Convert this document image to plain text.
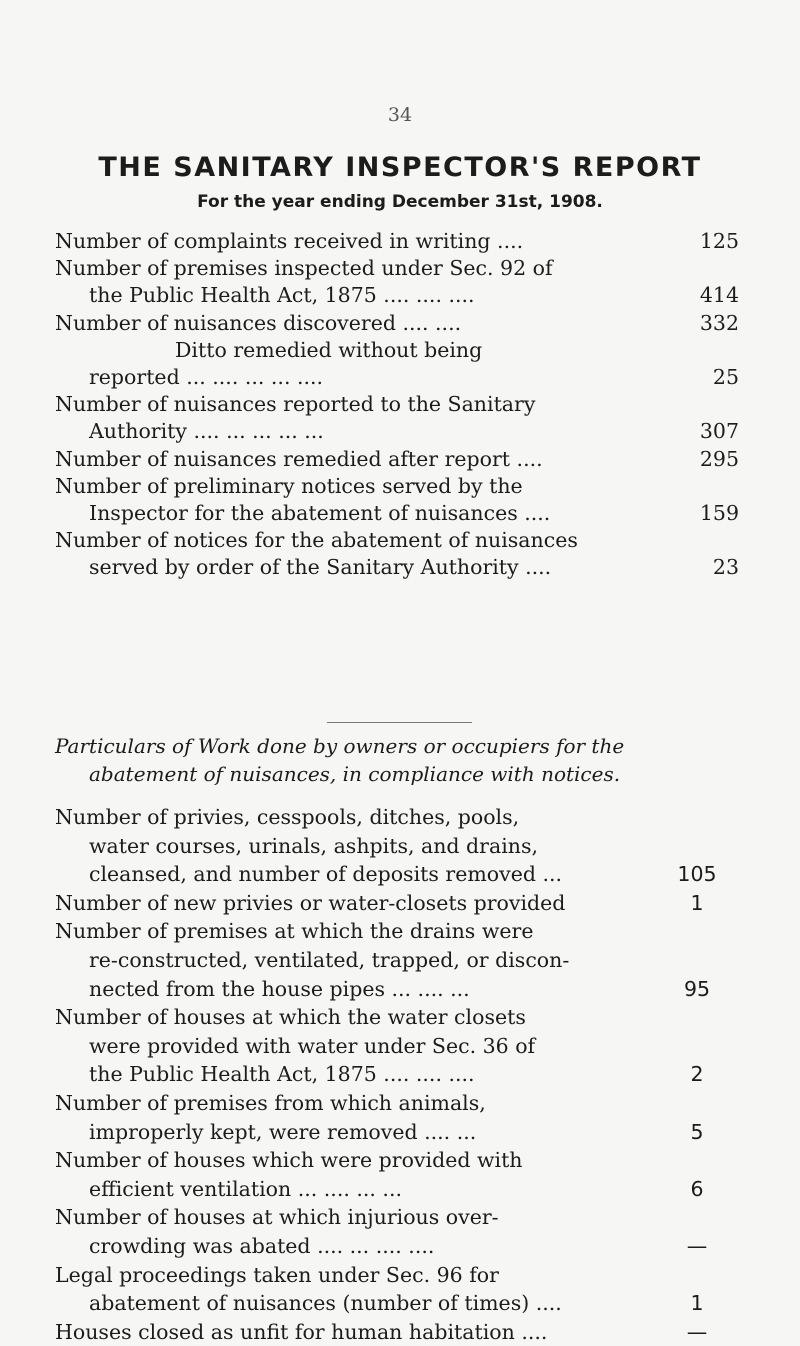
34
THE SANITARY INSPECTOR'S REPORT
For the year ending December 31st, 1908.
Number of complaints received in writing ....	125
Number of premises inspected under Sec. 92 of
the Public Health Act, 1875 .... .... ....	414
Number of nuisances discovered .... ....	332
Ditto remedied without being
reported ... .... ... ... ....	25
Number of nuisances reported to the Sanitary
Authority .... ... ... ... ...	307
Number of nuisances remedied after report ....	295
Number of preliminary notices served by the
Inspector for the abatement of nuisances ....	159
Number of notices for the abatement of nuisances
served by order of the Sanitary Authority ....	23
Particulars of Work done by owners or occupiers for the
abatement of nuisances, in compliance with notices.
Number of privies, cesspools, ditches, pools,
water courses, urinals, ashpits, and drains,
cleansed, and number of deposits removed ...	105
Number of new privies or water-closets provided	1
Number of premises at which the drains were
re-constructed, ventilated, trapped, or discon-
nected from the house pipes ... .... ...	95
Number of houses at which the water closets
were provided with water under Sec. 36 of
the Public Health Act, 1875 .... .... ....	2
Number of premises from which animals,
improperly kept, were removed .... ...	5
Number of houses which were provided with
efficient ventilation ... .... ... ...	6
Number of houses at which injurious over-
crowding was abated .... ... .... ....	—
Legal proceedings taken under Sec. 96 for
abatement of nuisances (number of times) ....	1
Houses closed as unfit for human habitation ....	—
